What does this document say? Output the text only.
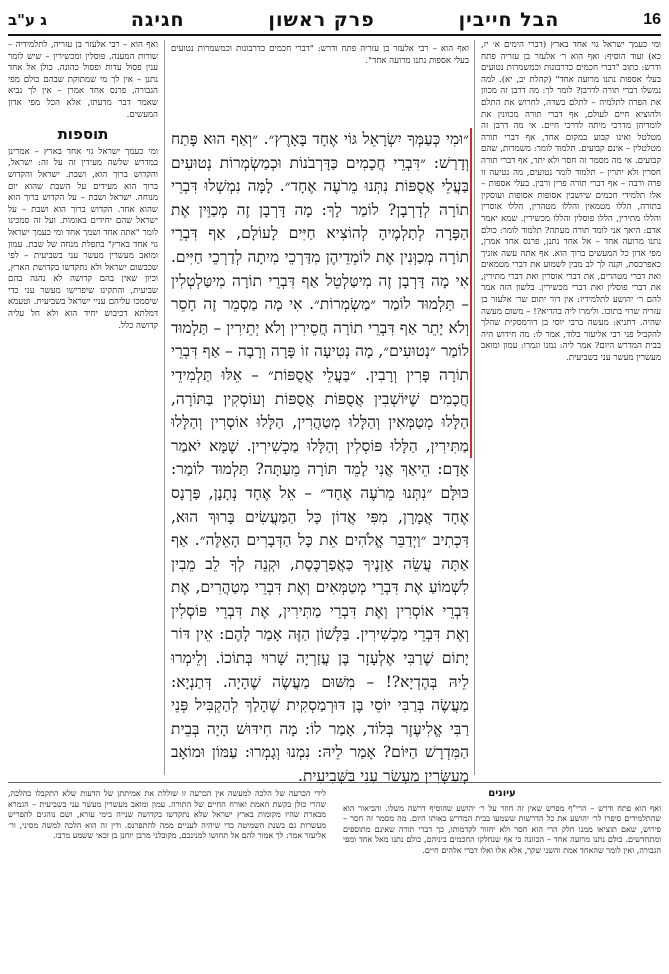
16
הבל חייבין
פרק ראשון
חגיגה
ג ע"ב
ומי כעמך ישראל גוי אחד בארץ (דברי הימים א׳ יז, כא) ועוד הוסיף: ואף הוא ר׳ אלעזר בן עזריה פתח ודרש: כתוב "דברי חכמים כדרבונות וכמשמרות נטועים בעלי אספות נתנו מרועה אחד" (קהלת יב, יא). למה נמשלו דברי תורה לדרבן? לומר לך: מה דרבן זה מכוון את הפרה לתלמיה – לתלם בשדה, לחרוש את התלם ולהוציא חיים לעולם, אף דברי תורה מכוונין את לומדיהן מדרכי מיתה לדרכי חיים. אי מה דרבן זה מטלטל ואינו קבוע במקום אחד, אף דברי תורה מטלטלין – אינם קבועים. תלמוד לומר: משמרות, שהם קבועים. אי מה מסמר זה חסר ולא יתר, אף דברי תורה חסרין ולא יתרין – תלמוד לומר נטועים, מה נטיעה זו פרה ורבה – אף דברי תורה פרין ורבין. בעלי אספות – אלו תלמידי חכמים שיושבין אסופות אסופות ועוסקין בתורה, הללו מטמאין והללו מטהרין, הללו אוסרין והללו מתירין, הללו פוסלין והללו מכשירין. שמא יאמר אדם: היאך אני לומד תורה מעתה? תלמוד לומר: כולם נתנו מרועה אחד – אל אחד נתנן, פרנס אחד אמרן, מפי אדון כל המעשים ברוך הוא. אף אתה עשה אזניך כאפרכסת, וקנה לך לב מבין לשמוע את דברי מטמאים ואת דברי מטהרים, את דברי אוסרין ואת דברי מתירין, את דברי פוסלין ואת דברי מכשירין. בלשון הזה אמר להם ר׳ יהושע לתלמידיו: אין דור יתום שר׳ אלעזר בן עזריה שרוי בתוכו. ולימרו ליה בהדיא?! – משום מעשה שהיה. דתניא: מעשה ברבי יוסי בן דורמסקית שהלך להקביל פני רבי אליעזר בלוד, אמר לו: מה חידוש היה בבית המדרש היום? אמר ליה: נמנו וגמרו: עמון ומואב מעשרין מעשר עני בשביעית.
ואף הוא – רבי אלעזר בן עזריה פתח ודרש: "דברי חכמים כדרבונות וכמשמרות נטועים בעלי אספות נתנו מרועה אחד".
״וּמִי כְּעַמְּךָ יִשְׂרָאֵל גּוֹי אֶחָד בָּאָרֶץ״. ״וְאַף הוּא פָּתַח וְדָרַשׁ: ״דִּבְרֵי חֲכָמִים כַּדָּרְבֹנוֹת וּכְמַשְׂמְרוֹת נְטוּעִים בַּעֲלֵי אֲסֻפּוֹת נִתְּנוּ מֵרֹעֶה אֶחָד״. לָמָּה נִמְשְׁלוּ דִּבְרֵי תוֹרָה לְדָרְבָן? לוֹמַר לָךְ: מָה דָּרְבָן זֶה מְכַוֵּין אֶת הַפָּרָה לְתַלְמֶיהָ לְהוֹצִיא חַיִּים לָעוֹלָם, אַף דִּבְרֵי תוֹרָה מְכַוְּנִין אֶת לוֹמְדֵיהֶן מִדַּרְכֵי מִיתָה לְדַרְכֵי חַיִּים. אִי מָה דָּרְבָן זֶה מִיטַּלְטֵל אַף דִּבְרֵי תוֹרָה מִיטַּלְטְלִין – תַּלְמוּד לוֹמַר ״מַשְׂמְרוֹת״. אִי מָה מַסְמֵר זֶה חָסֵר וְלֹא יָתֵר אַף דִּבְרֵי תוֹרָה חֲסֵירִין וְלֹא יְתֵירִין – תַּלְמוּד לוֹמַר ״נְטוּעִים״, מָה נְטִיעָה זוֹ פָּרָה וְרָבָה – אַף דִּבְרֵי תוֹרָה פָּרִין וְרָבִין. ״בַּעֲלֵי אֲסֻפּוֹת״ – אֵלּוּ תַּלְמִידֵי חֲכָמִים שֶׁיּוֹשְׁבִין אֲסֻפּוֹת אֲסֻפּוֹת וְעוֹסְקִין בַּתּוֹרָה, הַלָּלוּ מְטַמְּאִין וְהַלָּלוּ מְטַהֲרִין, הַלָּלוּ אוֹסְרִין וְהַלָּלוּ מַתִּירִין, הַלָּלוּ פּוֹסְלִין וְהַלָּלוּ מַכְשִׁירִין. שֶׁמָּא יֹאמַר אָדָם: הֵיאַךְ אֲנִי לָמֵד תּוֹרָה מֵעַתָּה? תַּלְמוּד לוֹמַר: כּוּלָּם ״נִתְּנוּ מֵרֹעֶה אֶחָד״ – אֵל אֶחָד נְתָנָן, פַּרְנָס אֶחָד אֲמָרָן, מִפִּי אֲדוֹן כָּל הַמַּעֲשִׂים בָּרוּךְ הוּא, דִּכְתִיב ״וַיְדַבֵּר אֱלֹהִים אֵת כָּל הַדְּבָרִים הָאֵלֶּה״. אַף אַתָּה עֲשֵׂה אׇזְנֶיךָ כַּאֲפַרְכֶּסֶת, וּקְנֵה לְךָ לֵב מֵבִין לִשְׁמוֹעַ אֶת דִּבְרֵי מְטַמְּאִים וְאֶת דִּבְרֵי מְטַהֲרִים, אֶת דִּבְרֵי אוֹסְרִין וְאֶת דִּבְרֵי מַתִּירִין, אֶת דִּבְרֵי פּוֹסְלִין וְאֶת דִּבְרֵי מַכְשִׁירִין. בַּלָּשׁוֹן הַזֶּה אָמַר לָהֶם: אֵין דּוֹר יָתוֹם שֶׁרַבִּי אֶלְעָזָר בֶּן עֲזַרְיָה שָׁרוּי בְּתוֹכוֹ. וְלֵימְרוּ לֵיהּ בְּהֶדְיָא?! – מִשּׁוּם מַעֲשֶׂה שֶׁהָיָה. דְּתַנְיָא: מַעֲשֶׂה בְּרַבִּי יוֹסֵי בֶּן דּוּרְמַסְקִית שֶׁהָלַךְ לְהַקְבִּיל פְּנֵי רַבִּי אֱלִיעֶזֶר בְּלוֹד, אָמַר לוֹ: מָה חִידּוּשׁ הָיָה בְּבֵית הַמִּדְרָשׁ הַיּוֹם? אָמַר לֵיהּ: נִמְנוּ וְגָמְרוּ: עַמּוֹן וּמוֹאָב מְעַשְּׂרִין מַעְשַׂר עָנִי בַּשְּׁבִיעִית.
ואף הוא – רבי אלעזר בן עזריה, לתלמידיה – שורות המענה. פוסלין ומכשירין – שיש לומר ענין פסול עדות ופסול כהונה. כולן אל אחד נתנן – אין לך מי שמתוקת שבהם כולם מפי הגבורה, פרנס אחד אמרן – אין לך נביא שאמר דבר מדעתו, אלא הכל מפי אדון המעשים.
תוספות
ומי כעמך ישראל גוי אחד בארץ – אמרינן במדרש שלשה מעידין זה על זה: ישראל, והקדוש ברוך הוא, ושבת. ישראל והקדוש ברוך הוא מעידים על השבת שהוא יום מנוחה. ישראל ושבת – על הקדוש ברוך הוא שהוא אחד. הקדוש ברוך הוא ושבת – על ישראל שהם יחידים באומות. ועל זה סמכינו לומר "אתה אחד ושמך אחד ומי כעמך ישראל גוי אחד בארץ" בתפלת מנחה של שבת. עמון ומואב מעשרין מעשר עני בשביעית – לפי שכבשום ישראל ולא נתקדשו בקדושת הארץ, וכיון שאין בהם קדושה לא נהגה בהם שביעית, והתקינו שיפרישו מעשר עני כדי שיסמכו עליהם עניי ישראל בשביעית. וטעמא דמלתא דכיבוש יחיד הוא ולא חל עליה קדושה כלל.
עיונים
ואף הוא פתח ודרש – הרי"ף מפרש שאין זה חוזר על ר׳ יהושע שהוסיף דרשה משלו. והביאור הוא שהתלמידים סיפרו לר׳ יהושע את כל הדרשות ששמעו בבית המדרש באותו היום. מה מסמר זה חסר – פירוש, שאם תוציאו ממנו חלק הרי הוא חסר ולא יחזור לקדמותו, כך דברי תורה שאינם מתוספים ומתחדשים. כולם נתנו מרועה אחד – הכוונה כי אף שנחלקו החכמים ביניהם, כולם נתנו מאל אחד ומפי הגבורה, ואין לומר שהאחד אמת והשני שקר, אלא אלו ואלו דברי אלהים חיים.
לידי הכרעה של הלכה למעשה אין הכרעה זו שוללת את אמיתתן של הדעות שלא התקבלו כהלכה, שהרי כולן בקשת האמת ואורח החיים של התורה. עמון ומואב מעשרין מעשר עני בשביעית – הגמרא מבארת שהיו מקומות בארץ ישראל שלא נתקדשו בקדושה שנייה בימי עזרא, ושם נוהגים להפריש מעשרות גם בשנת השמיטה כדי שיהיה לעניים ממה להתפרנס. ודין זה הוא הלכה למשה מסיני, ור׳ אליעזר אמר: לך אמור להם אל תחושו למנינכם, מקובלני מרבן יוחנן בן זכאי ששמע מרבו.
